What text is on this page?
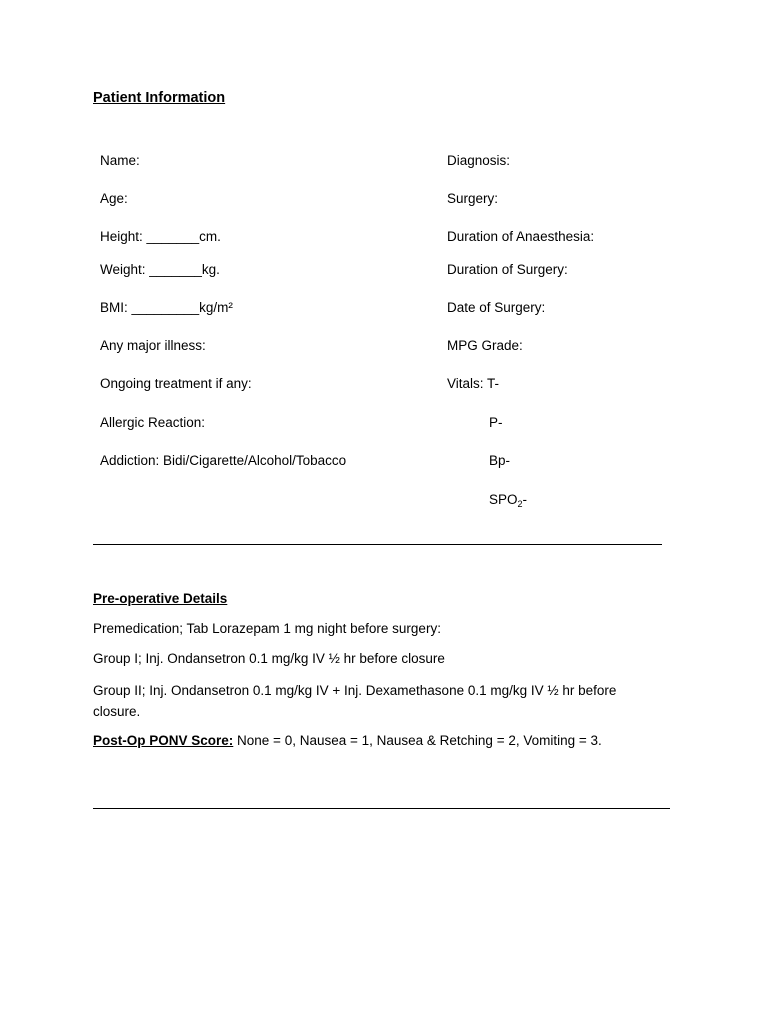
Patient Information
Name:
Age:
Height: _______cm.
Weight: _______kg.
BMI: _________kg/m²
Any major illness:
Ongoing treatment if any:
Allergic Reaction:
Addiction: Bidi/Cigarette/Alcohol/Tobacco
Diagnosis:
Surgery:
Duration of Anaesthesia:
Duration of Surgery:
Date of Surgery:
MPG Grade:
Vitals: T-
P-
Bp-
$SPO_2-$
Pre-operative Details
Premedication; Tab Lorazepam 1 mg night before surgery:
Group I; Inj. Ondansetron 0.1 mg/kg IV ½ hr before closure
Group II; Inj. Ondansetron 0.1 mg/kg IV + Inj. Dexamethasone 0.1 mg/kg IV ½ hr before closure.
Post-Op PONV Score: None = 0, Nausea = 1, Nausea & Retching = 2, Vomiting = 3.
